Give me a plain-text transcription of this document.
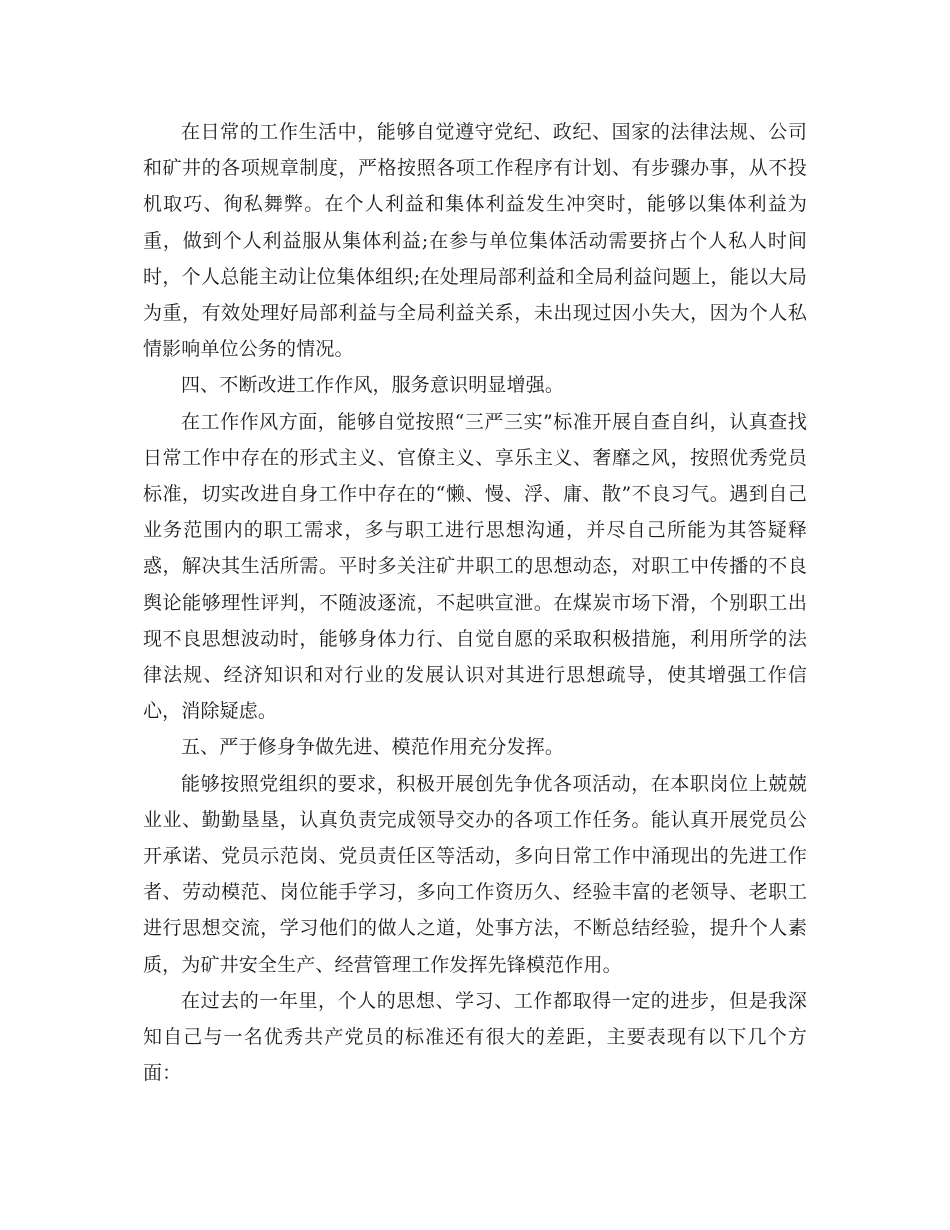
在日常的工作生活中，能够自觉遵守党纪、政纪、国家的法律法规、公司和矿井的各项规章制度，严格按照各项工作程序有计划、有步骤办事，从不投机取巧、徇私舞弊。在个人利益和集体利益发生冲突时，能够以集体利益为重，做到个人利益服从集体利益;在参与单位集体活动需要挤占个人私人时间时，个人总能主动让位集体组织;在处理局部利益和全局利益问题上，能以大局为重，有效处理好局部利益与全局利益关系，未出现过因小失大，因为个人私情影响单位公务的情况。

四、不断改进工作作风，服务意识明显增强。

在工作作风方面，能够自觉按照“三严三实”标准开展自查自纠，认真查找日常工作中存在的形式主义、官僚主义、享乐主义、奢靡之风，按照优秀党员标准，切实改进自身工作中存在的“懒、慢、浮、庸、散”不良习气。遇到自己业务范围内的职工需求，多与职工进行思想沟通，并尽自己所能为其答疑释惑，解决其生活所需。平时多关注矿井职工的思想动态，对职工中传播的不良舆论能够理性评判，不随波逐流，不起哄宣泄。在煤炭市场下滑，个别职工出现不良思想波动时，能够身体力行、自觉自愿的采取积极措施，利用所学的法律法规、经济知识和对行业的发展认识对其进行思想疏导，使其增强工作信心，消除疑虑。

五、严于修身争做先进、模范作用充分发挥。

能够按照党组织的要求，积极开展创先争优各项活动，在本职岗位上兢兢业业、勤勤垦垦，认真负责完成领导交办的各项工作任务。能认真开展党员公开承诺、党员示范岗、党员责任区等活动，多向日常工作中涌现出的先进工作者、劳动模范、岗位能手学习，多向工作资历久、经验丰富的老领导、老职工进行思想交流，学习他们的做人之道，处事方法，不断总结经验，提升个人素质，为矿井安全生产、经营管理工作发挥先锋模范作用。

在过去的一年里，个人的思想、学习、工作都取得一定的进步，但是我深知自己与一名优秀共产党员的标准还有很大的差距，主要表现有以下几个方面：
